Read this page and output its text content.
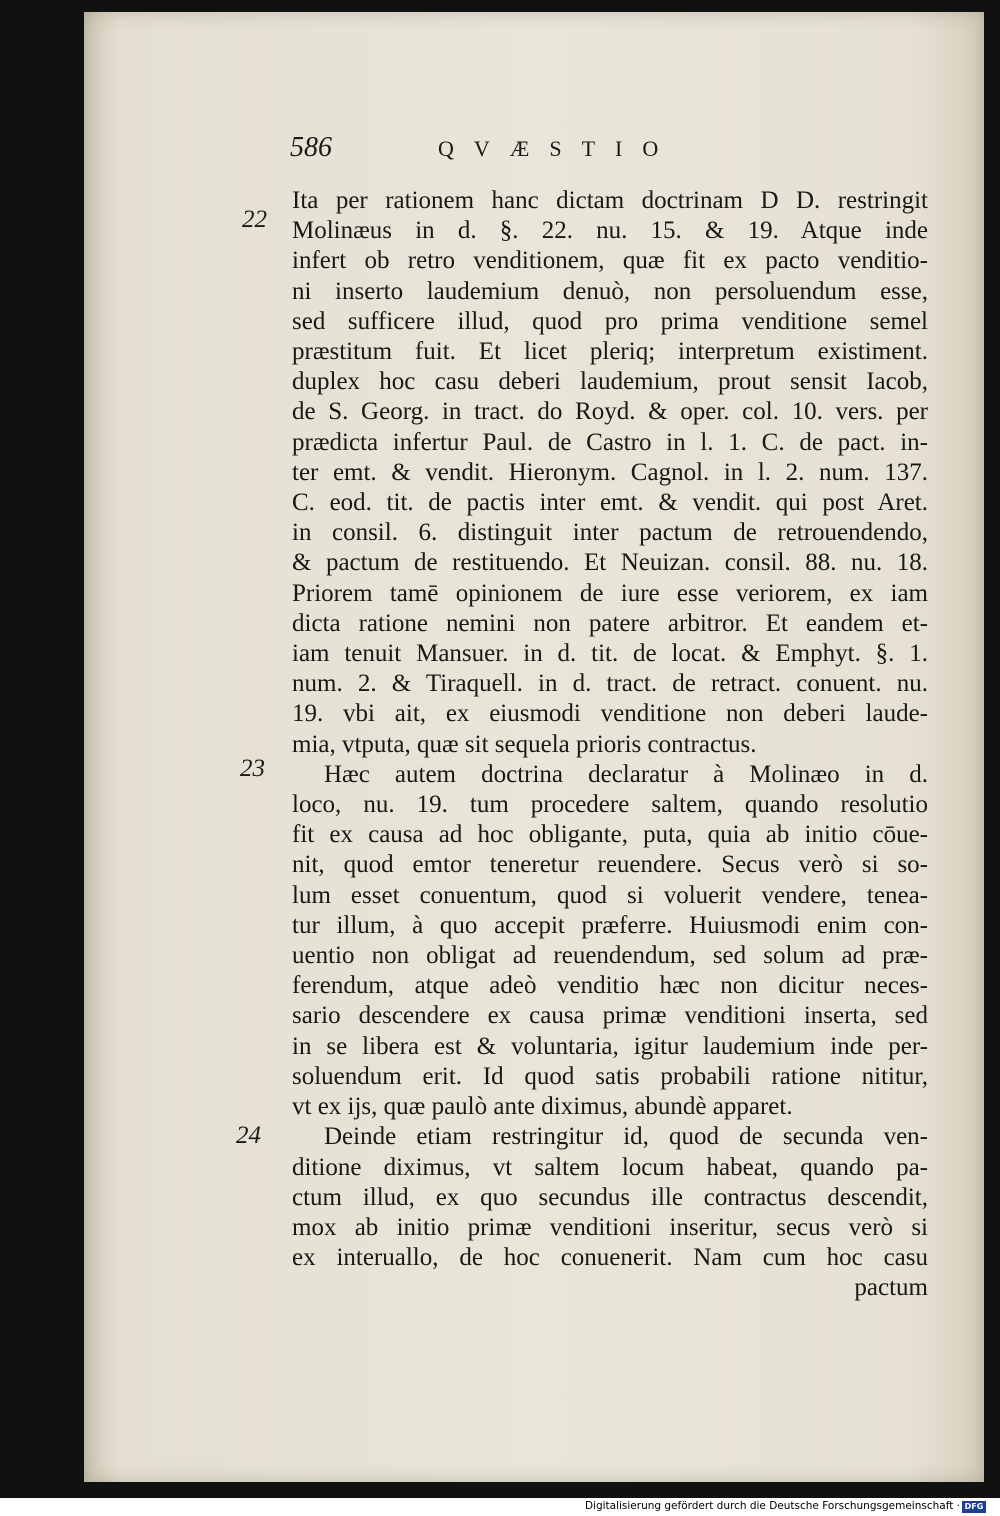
586	QVÆSTIO
22
23
24
Ita per rationem hanc dictam doctrinam D D. restringit
Molinæus in d. §. 22. nu. 15. & 19. Atque inde
infert ob retro venditionem, quæ fit ex pacto venditio-
ni inserto laudemium denuò, non persoluendum esse,
sed sufficere illud, quod pro prima venditione semel
præstitum fuit. Et licet pleriq; interpretum existiment.
duplex hoc casu deberi laudemium, prout sensit Iacob,
de S. Georg. in tract. do Royd. & oper. col. 10. vers. per
prædicta infertur Paul. de Castro in l. 1. C. de pact. in-
ter emt. & vendit. Hieronym. Cagnol. in l. 2. num. 137.
C. eod. tit. de pactis inter emt. & vendit. qui post Aret.
in consil. 6. distinguit inter pactum de retrouendendo,
& pactum de restituendo. Et Neuizan. consil. 88. nu. 18.
Priorem tamē opinionem de iure esse veriorem, ex iam
dicta ratione nemini non patere arbitror. Et eandem et-
iam tenuit Mansuer. in d. tit. de locat. & Emphyt. §. 1.
num. 2. & Tiraquell. in d. tract. de retract. conuent. nu.
19. vbi ait, ex eiusmodi venditione non deberi laude-
mia, vtputa, quæ sit sequela prioris contractus.
Hæc autem doctrina declaratur à Molinæo in d.
loco, nu. 19. tum procedere saltem, quando resolutio
fit ex causa ad hoc obligante, puta, quia ab initio cōue-
nit, quod emtor teneretur reuendere. Secus verò si so-
lum esset conuentum, quod si voluerit vendere, tenea-
tur illum, à quo accepit præferre. Huiusmodi enim con-
uentio non obligat ad reuendendum, sed solum ad præ-
ferendum, atque adeò venditio hæc non dicitur neces-
sario descendere ex causa primæ venditioni inserta, sed
in se libera est & voluntaria, igitur laudemium inde per-
soluendum erit. Id quod satis probabili ratione nititur,
vt ex ijs, quæ paulò ante diximus, abundè apparet.
Deinde etiam restringitur id, quod de secunda ven-
ditione diximus, vt saltem locum habeat, quando pa-
ctum illud, ex quo secundus ille contractus descendit,
mox ab initio primæ venditioni inseritur, secus verò si
ex interuallo, de hoc conuenerit. Nam cum hoc casu
pactum
Digitalisierung gefördert durch die Deutsche Forschungsgemeinschaft · DFG
